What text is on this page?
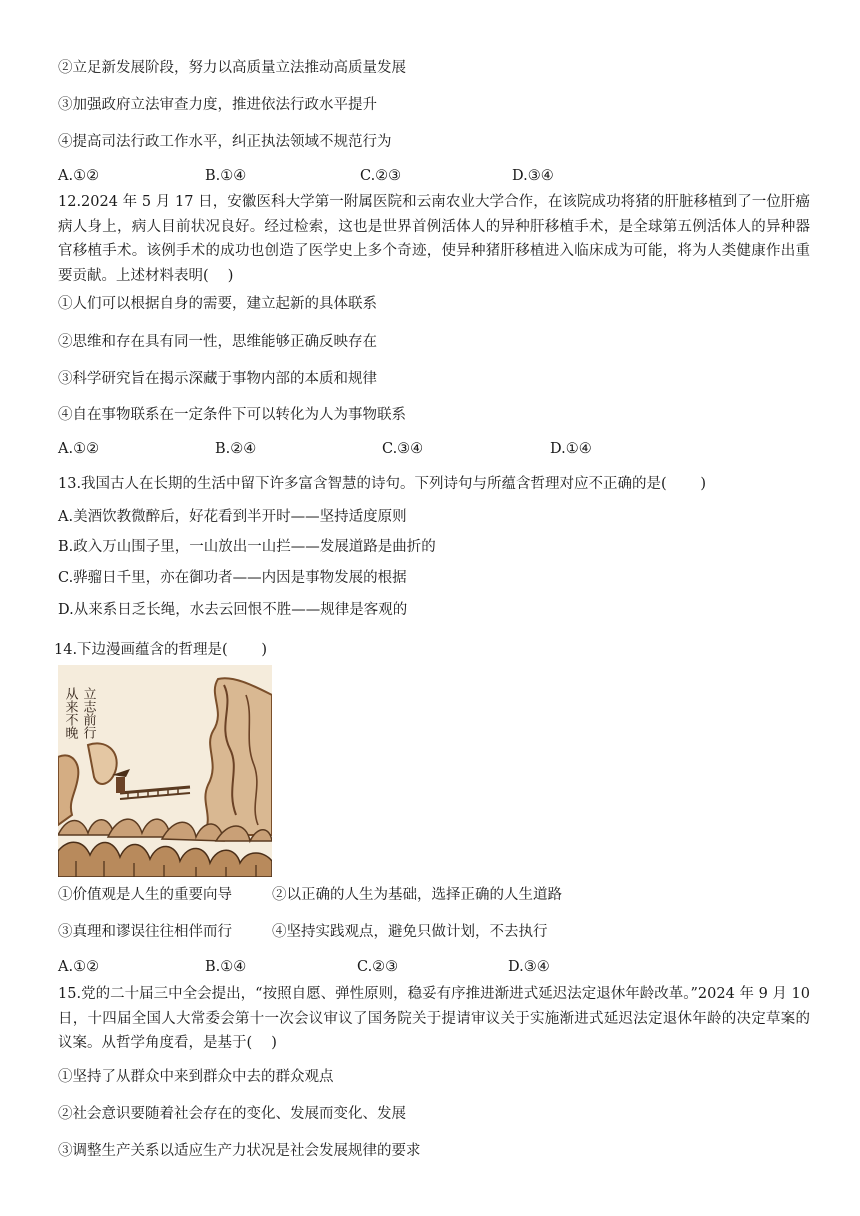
②立足新发展阶段，努力以高质量立法推动高质量发展
③加强政府立法审查力度，推进依法行政水平提升
④提高司法行政工作水平，纠正执法领域不规范行为
A.①②	B.①④	C.②③	D.③④
12.2024 年 5 月 17 日，安徽医科大学第一附属医院和云南农业大学合作，在该院成功将猪的肝脏移植到了一位肝癌病人身上，病人目前状况良好。经过检索，这也是世界首例活体人的异种肝移植手术，是全球第五例活体人的异种器官移植手术。该例手术的成功也创造了医学史上多个奇迹，使异种猪肝移植进入临床成为可能，将为人类健康作出重要贡献。上述材料表明(　 )
①人们可以根据自身的需要，建立起新的具体联系
②思维和存在具有同一性，思维能够正确反映存在
③科学研究旨在揭示深藏于事物内部的本质和规律
④自在事物联系在一定条件下可以转化为人为事物联系
A.①②	B.②④	C.③④	D.①④
13.我国古人在长期的生活中留下许多富含智慧的诗句。下列诗句与所蕴含哲理对应不正确的是(　 　)
A.美酒饮教微醉后，好花看到半开时——坚持适度原则
B.政入万山围子里，一山放出一山拦——发展道路是曲折的
C.骅骝日千里，亦在御功者——内因是事物发展的根据
D.从来系日乏长绳，水去云回恨不胜——规律是客观的
14.下边漫画蕴含的哲理是(　　 )
立志前行
从来不晚
①价值观是人生的重要向导	②以正确的人生为基础，选择正确的人生道路
③真理和谬误往往相伴而行	④坚持实践观点，避免只做计划，不去执行
A.①②	B.①④	C.②③	D.③④
15.党的二十届三中全会提出，“按照自愿、弹性原则，稳妥有序推进渐进式延迟法定退休年龄改革。”2024 年 9 月 10 日，十四届全国人大常委会第十一次会议审议了国务院关于提请审议关于实施渐进式延迟法定退休年龄的决定草案的议案。从哲学角度看，是基于(　 )
①坚持了从群众中来到群众中去的群众观点
②社会意识要随着社会存在的变化、发展而变化、发展
③调整生产关系以适应生产力状况是社会发展规律的要求
